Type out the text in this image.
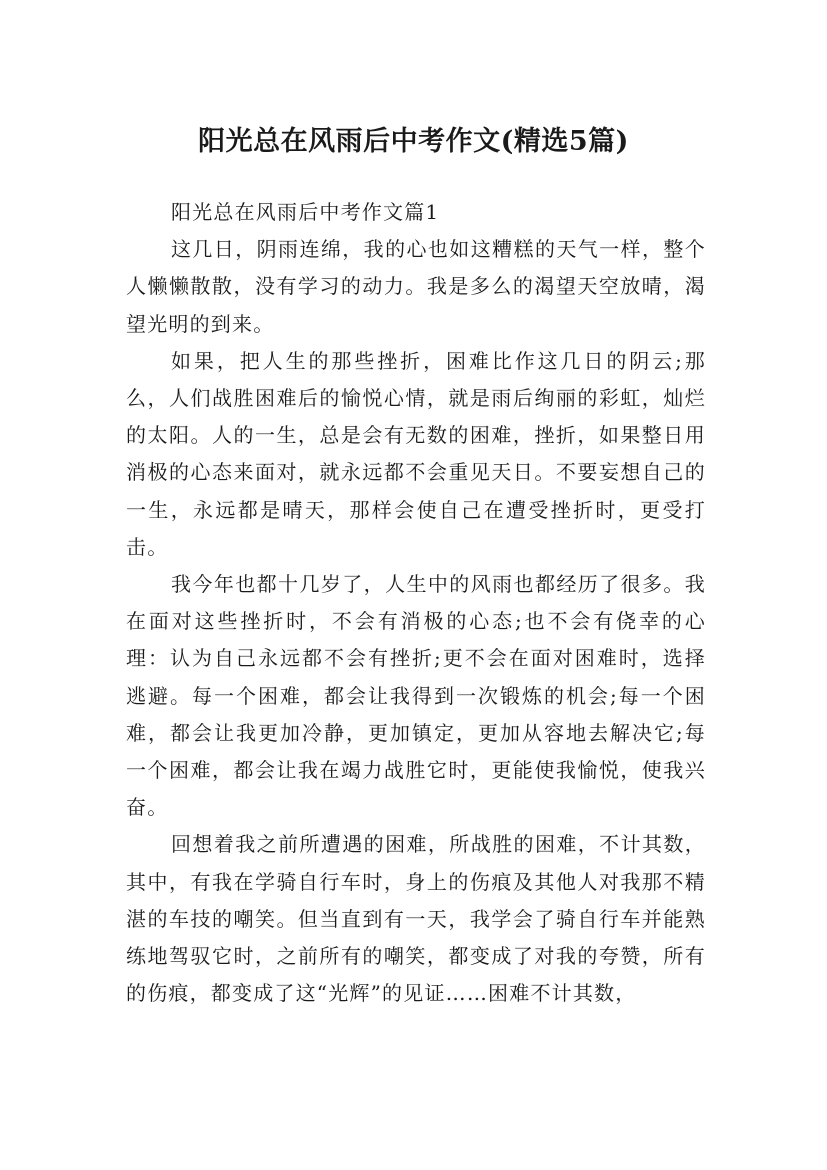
阳光总在风雨后中考作文(精选5篇)

阳光总在风雨后中考作文篇1

这几日，阴雨连绵，我的心也如这糟糕的天气一样，整个人懒懒散散，没有学习的动力。我是多么的渴望天空放晴，渴望光明的到来。

如果，把人生的那些挫折，困难比作这几日的阴云;那么，人们战胜困难后的愉悦心情，就是雨后绚丽的彩虹，灿烂的太阳。人的一生，总是会有无数的困难，挫折，如果整日用消极的心态来面对，就永远都不会重见天日。不要妄想自己的一生，永远都是晴天，那样会使自己在遭受挫折时，更受打击。

我今年也都十几岁了，人生中的风雨也都经历了很多。我在面对这些挫折时，不会有消极的心态;也不会有侥幸的心理：认为自己永远都不会有挫折;更不会在面对困难时，选择逃避。每一个困难，都会让我得到一次锻炼的机会;每一个困难，都会让我更加冷静，更加镇定，更加从容地去解决它;每一个困难，都会让我在竭力战胜它时，更能使我愉悦，使我兴奋。

回想着我之前所遭遇的困难，所战胜的困难，不计其数，其中，有我在学骑自行车时，身上的伤痕及其他人对我那不精湛的车技的嘲笑。但当直到有一天，我学会了骑自行车并能熟练地驾驭它时，之前所有的嘲笑，都变成了对我的夸赞，所有的伤痕，都变成了这“光辉”的见证……困难不计其数，
